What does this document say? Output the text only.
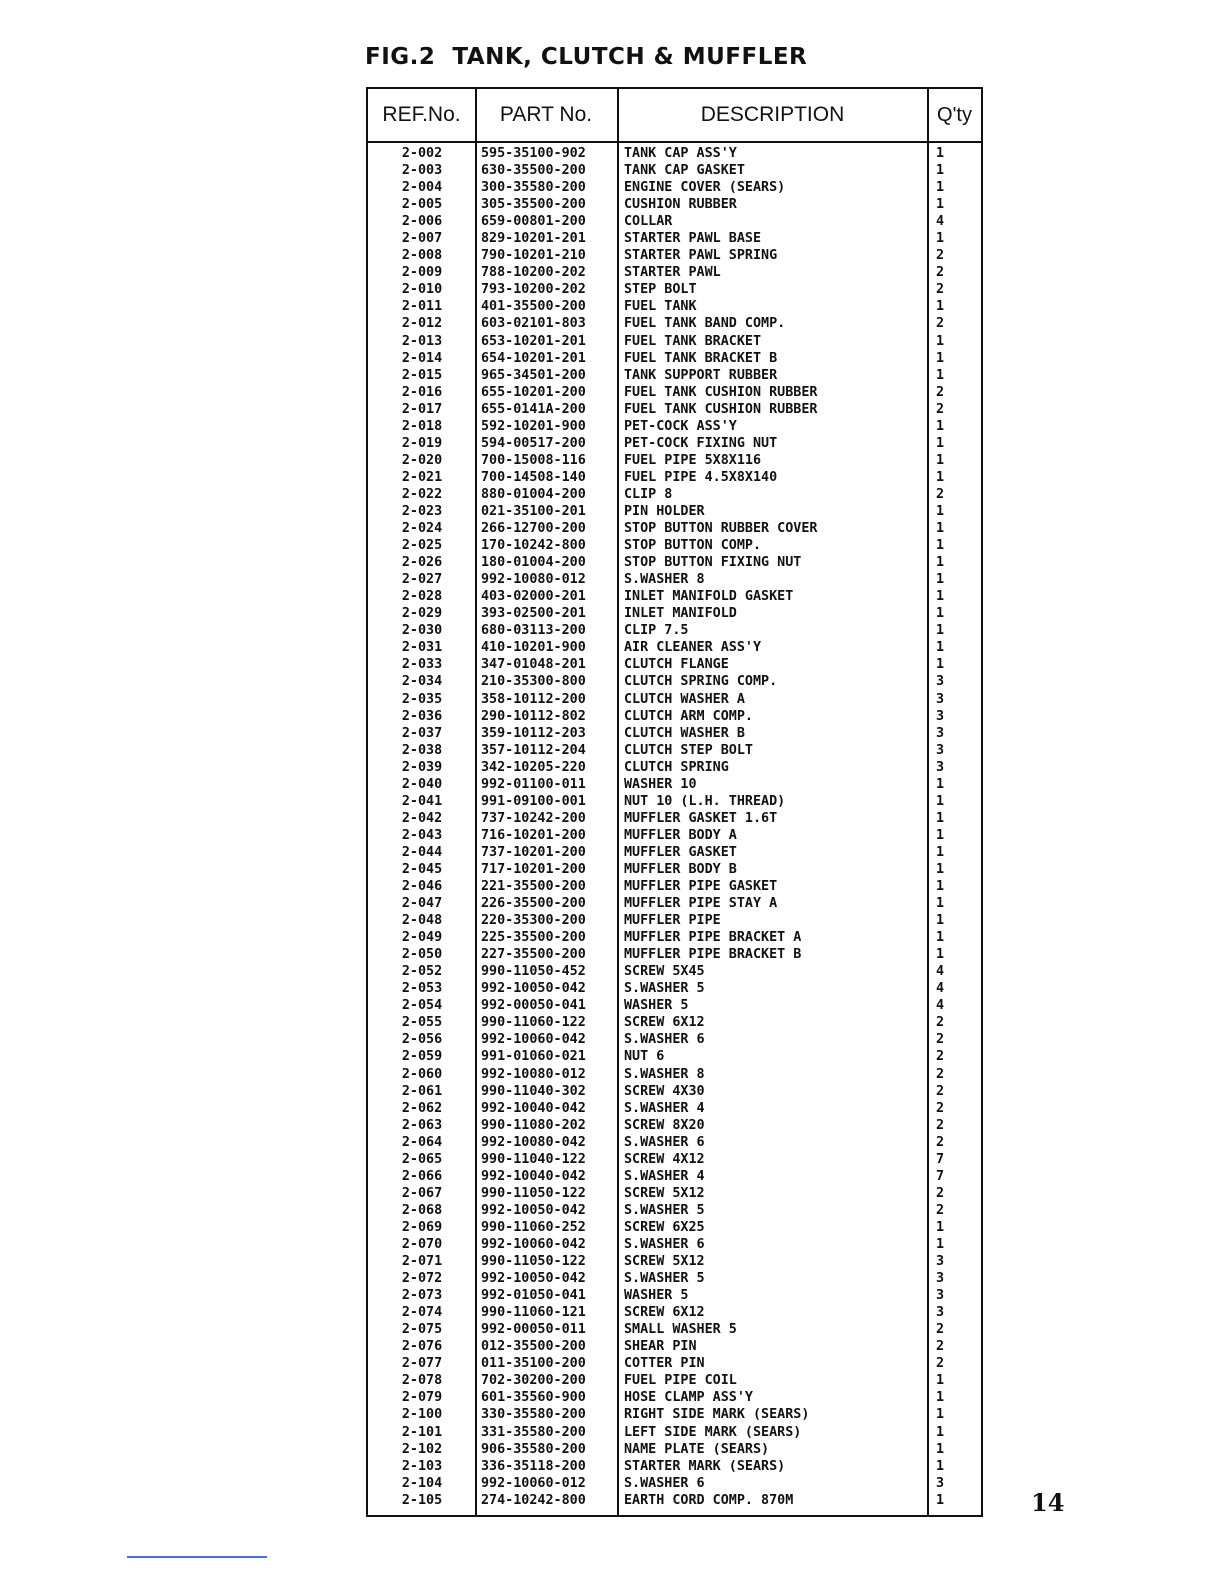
FIG.2  TANK, CLUTCH & MUFFLER
REF.No.	PART No.	DESCRIPTION	Q'ty
2-002	595-35100-902	TANK CAP ASS'Y	1
2-003	630-35500-200	TANK CAP GASKET	1
2-004	300-35580-200	ENGINE COVER (SEARS)	1
2-005	305-35500-200	CUSHION RUBBER	1
2-006	659-00801-200	COLLAR	4
2-007	829-10201-201	STARTER PAWL BASE	1
2-008	790-10201-210	STARTER PAWL SPRING	2
2-009	788-10200-202	STARTER PAWL	2
2-010	793-10200-202	STEP BOLT	2
2-011	401-35500-200	FUEL TANK	1
2-012	603-02101-803	FUEL TANK BAND COMP.	2
2-013	653-10201-201	FUEL TANK BRACKET	1
2-014	654-10201-201	FUEL TANK BRACKET B	1
2-015	965-34501-200	TANK SUPPORT RUBBER	1
2-016	655-10201-200	FUEL TANK CUSHION RUBBER	2
2-017	655-0141A-200	FUEL TANK CUSHION RUBBER	2
2-018	592-10201-900	PET-COCK ASS'Y	1
2-019	594-00517-200	PET-COCK FIXING NUT	1
2-020	700-15008-116	FUEL PIPE 5X8X116	1
2-021	700-14508-140	FUEL PIPE 4.5X8X140	1
2-022	880-01004-200	CLIP 8	2
2-023	021-35100-201	PIN HOLDER	1
2-024	266-12700-200	STOP BUTTON RUBBER COVER	1
2-025	170-10242-800	STOP BUTTON COMP.	1
2-026	180-01004-200	STOP BUTTON FIXING NUT	1
2-027	992-10080-012	S.WASHER 8	1
2-028	403-02000-201	INLET MANIFOLD GASKET	1
2-029	393-02500-201	INLET MANIFOLD	1
2-030	680-03113-200	CLIP 7.5	1
2-031	410-10201-900	AIR CLEANER ASS'Y	1
2-033	347-01048-201	CLUTCH FLANGE	1
2-034	210-35300-800	CLUTCH SPRING COMP.	3
2-035	358-10112-200	CLUTCH WASHER A	3
2-036	290-10112-802	CLUTCH ARM COMP.	3
2-037	359-10112-203	CLUTCH WASHER B	3
2-038	357-10112-204	CLUTCH STEP BOLT	3
2-039	342-10205-220	CLUTCH SPRING	3
2-040	992-01100-011	WASHER 10	1
2-041	991-09100-001	NUT 10 (L.H. THREAD)	1
2-042	737-10242-200	MUFFLER GASKET 1.6T	1
2-043	716-10201-200	MUFFLER BODY A	1
2-044	737-10201-200	MUFFLER GASKET	1
2-045	717-10201-200	MUFFLER BODY B	1
2-046	221-35500-200	MUFFLER PIPE GASKET	1
2-047	226-35500-200	MUFFLER PIPE STAY A	1
2-048	220-35300-200	MUFFLER PIPE	1
2-049	225-35500-200	MUFFLER PIPE BRACKET A	1
2-050	227-35500-200	MUFFLER PIPE BRACKET B	1
2-052	990-11050-452	SCREW 5X45	4
2-053	992-10050-042	S.WASHER 5	4
2-054	992-00050-041	WASHER 5	4
2-055	990-11060-122	SCREW 6X12	2
2-056	992-10060-042	S.WASHER 6	2
2-059	991-01060-021	NUT 6	2
2-060	992-10080-012	S.WASHER 8	2
2-061	990-11040-302	SCREW 4X30	2
2-062	992-10040-042	S.WASHER 4	2
2-063	990-11080-202	SCREW 8X20	2
2-064	992-10080-042	S.WASHER 6	2
2-065	990-11040-122	SCREW 4X12	7
2-066	992-10040-042	S.WASHER 4	7
2-067	990-11050-122	SCREW 5X12	2
2-068	992-10050-042	S.WASHER 5	2
2-069	990-11060-252	SCREW 6X25	1
2-070	992-10060-042	S.WASHER 6	1
2-071	990-11050-122	SCREW 5X12	3
2-072	992-10050-042	S.WASHER 5	3
2-073	992-01050-041	WASHER 5	3
2-074	990-11060-121	SCREW 6X12	3
2-075	992-00050-011	SMALL WASHER 5	2
2-076	012-35500-200	SHEAR PIN	2
2-077	011-35100-200	COTTER PIN	2
2-078	702-30200-200	FUEL PIPE COIL	1
2-079	601-35560-900	HOSE CLAMP ASS'Y	1
2-100	330-35580-200	RIGHT SIDE MARK (SEARS)	1
2-101	331-35580-200	LEFT SIDE MARK (SEARS)	1
2-102	906-35580-200	NAME PLATE (SEARS)	1
2-103	336-35118-200	STARTER MARK (SEARS)	1
2-104	992-10060-012	S.WASHER 6	3
2-105	274-10242-800	EARTH CORD COMP. 870M	1	14
